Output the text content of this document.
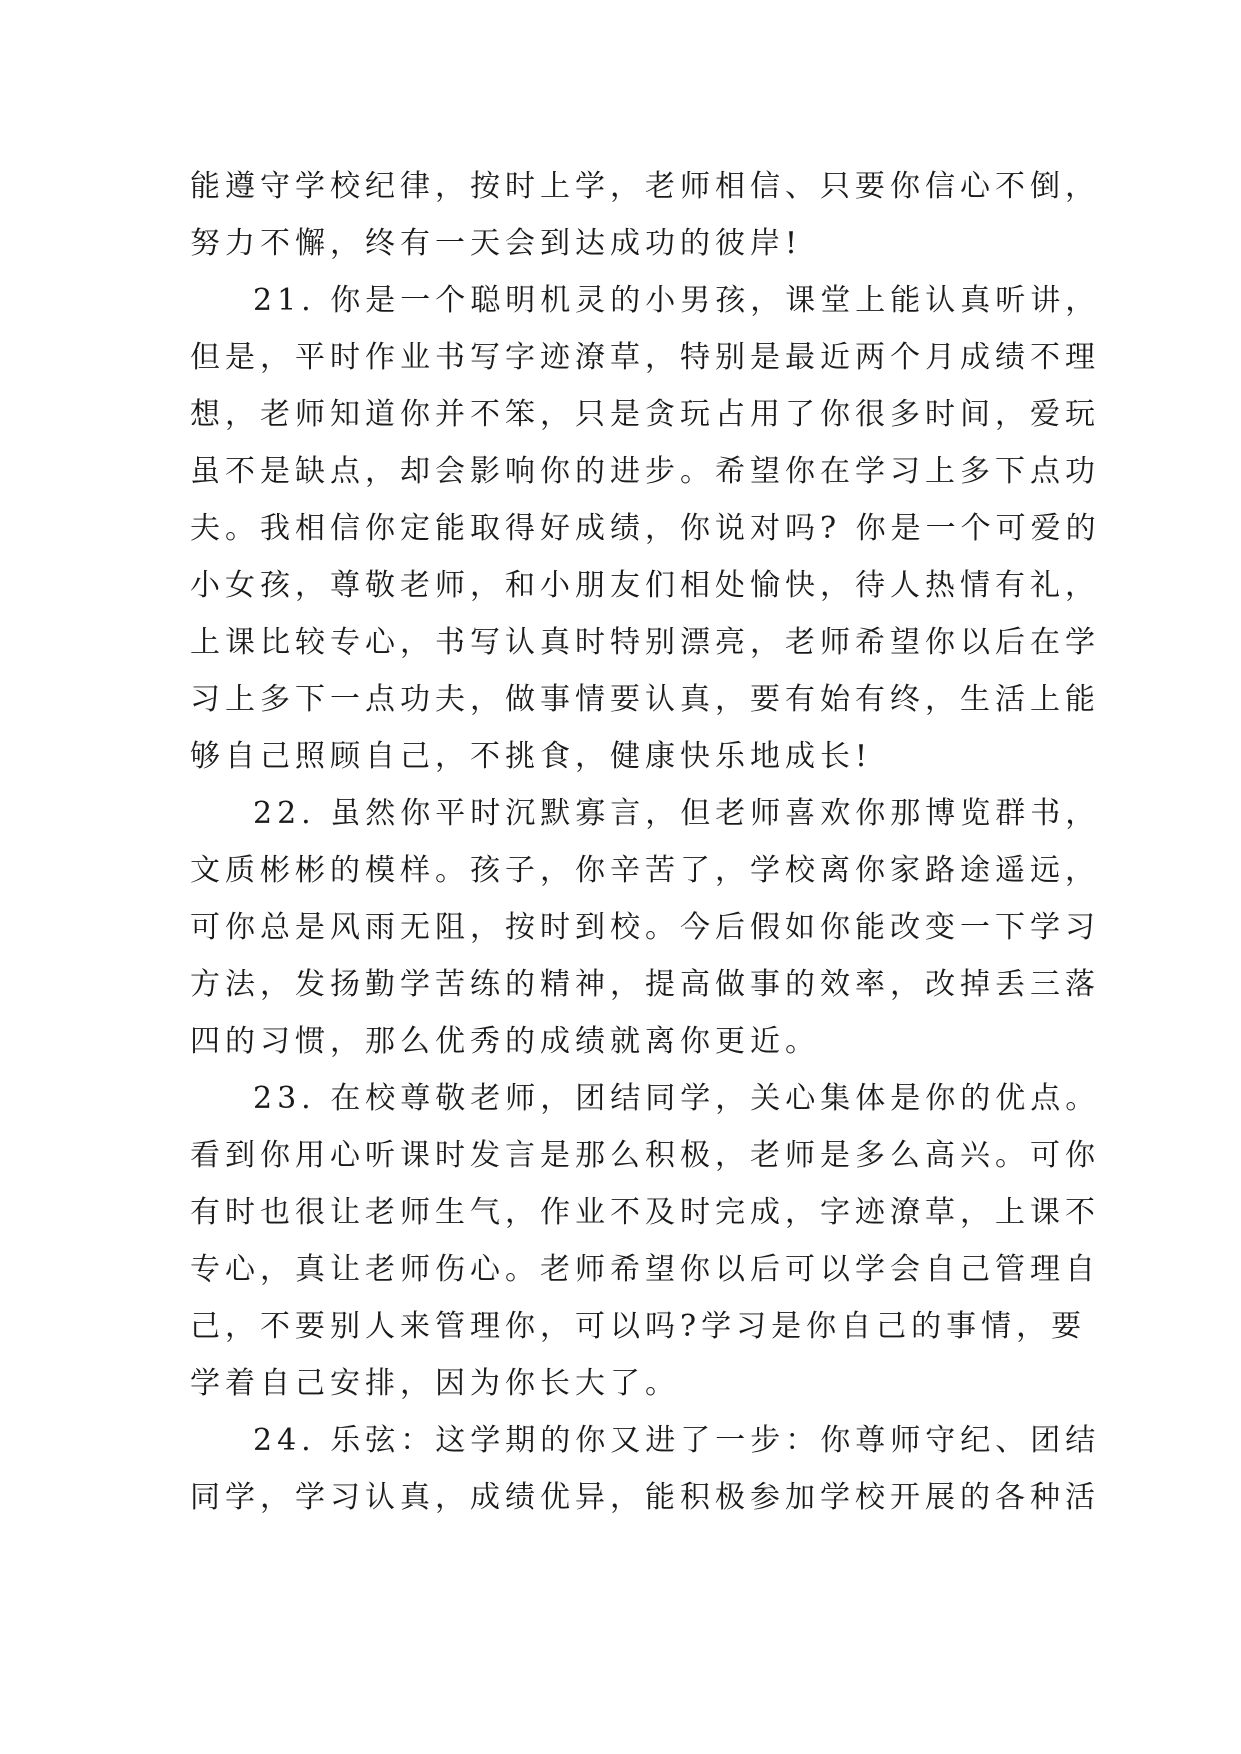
能遵守学校纪律，按时上学，老师相信、只要你信心不倒，
努力不懈，终有一天会到达成功的彼岸!
21. 你是一个聪明机灵的小男孩，课堂上能认真听讲，
但是，平时作业书写字迹潦草，特别是最近两个月成绩不理
想，老师知道你并不笨，只是贪玩占用了你很多时间，爱玩
虽不是缺点，却会影响你的进步。希望你在学习上多下点功
夫。我相信你定能取得好成绩，你说对吗? 你是一个可爱的
小女孩，尊敬老师，和小朋友们相处愉快，待人热情有礼，
上课比较专心，书写认真时特别漂亮，老师希望你以后在学
习上多下一点功夫，做事情要认真，要有始有终，生活上能
够自己照顾自己，不挑食，健康快乐地成长!
22. 虽然你平时沉默寡言，但老师喜欢你那博览群书，
文质彬彬的模样。孩子，你辛苦了，学校离你家路途遥远，
可你总是风雨无阻，按时到校。今后假如你能改变一下学习
方法，发扬勤学苦练的精神，提高做事的效率，改掉丢三落
四的习惯，那么优秀的成绩就离你更近。
23. 在校尊敬老师，团结同学，关心集体是你的优点。
看到你用心听课时发言是那么积极，老师是多么高兴。可你
有时也很让老师生气，作业不及时完成，字迹潦草，上课不
专心，真让老师伤心。老师希望你以后可以学会自己管理自
己，不要别人来管理你，可以吗?学习是你自己的事情，要
学着自己安排，因为你长大了。
24. 乐弦：这学期的你又进了一步：你尊师守纪、团结
同学，学习认真，成绩优异，能积极参加学校开展的各种活
